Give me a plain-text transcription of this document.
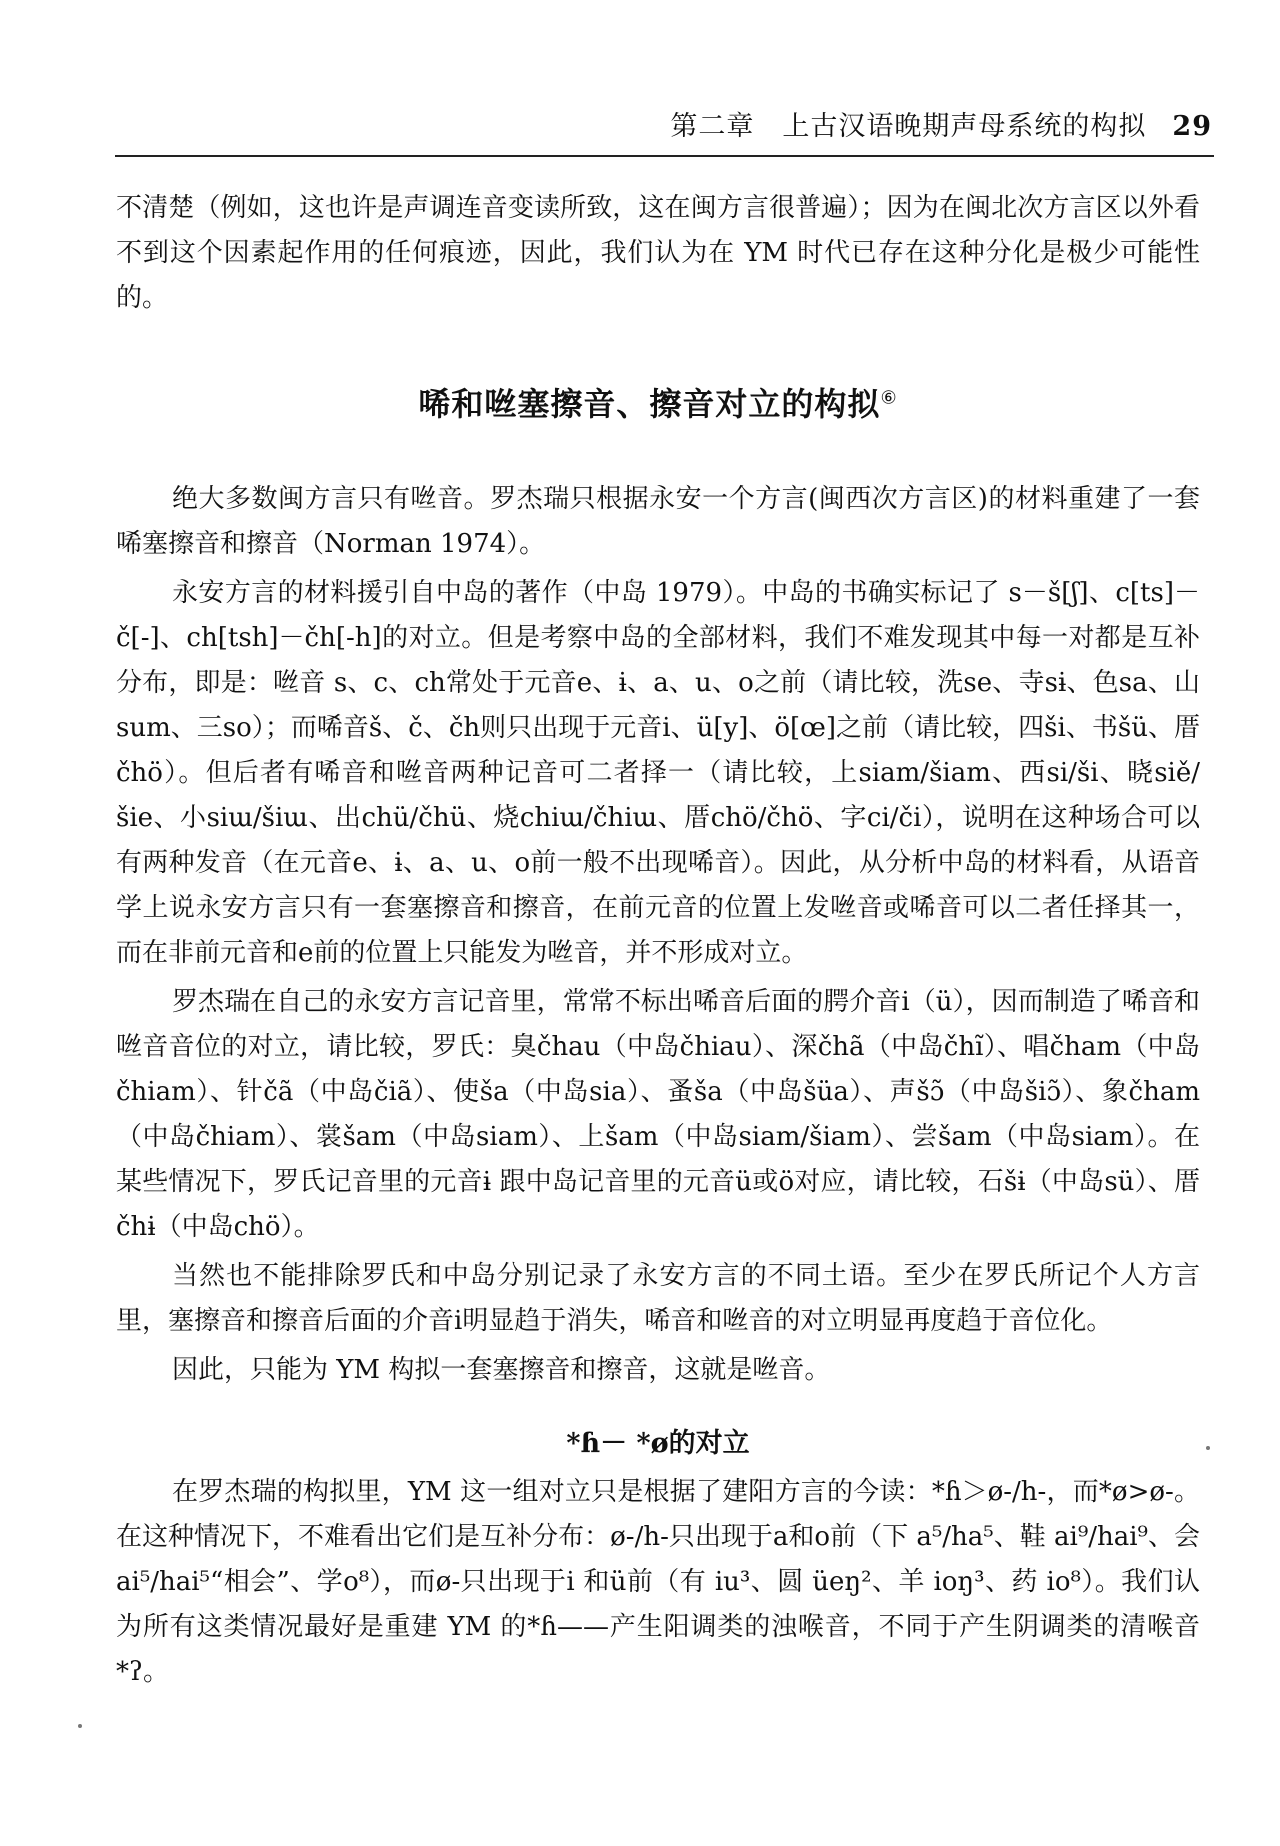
第二章　上古汉语晚期声母系统的构拟 29

不清楚（例如，这也许是声调连音变读所致，这在闽方言很普遍）；因为在闽北次方言区以外看不到这个因素起作用的任何痕迹，因此，我们认为在 YM 时代已存在这种分化是极少可能性的。

唏和咝塞擦音、擦音对立的构拟⑥

绝大多数闽方言只有咝音。罗杰瑞只根据永安一个方言(闽西次方言区)的材料重建了一套唏塞擦音和擦音（Norman 1974）。

永安方言的材料援引自中岛的著作（中岛 1979）。中岛的书确实标记了 s－š[ʃ]、c[ts]－č[-]、ch[tsh]－čh[-h]的对立。但是考察中岛的全部材料，我们不难发现其中每一对都是互补分布，即是：咝音 s、c、ch常处于元音e、ɨ、a、u、o之前（请比较，洗se、寺sɨ、色sa、山sum、三so）；而唏音š、č、čh则只出现于元音i、ü[y]、ö[œ]之前（请比较，四ši、书šü、厝čhö）。但后者有唏音和咝音两种记音可二者择一（请比较，上siam/šiam、西si/ši、晓siě/šie、小siɯ/šiɯ、出chü/čhü、烧chiɯ/čhiɯ、厝chö/čhö、字ci/či），说明在这种场合可以有两种发音（在元音e、ɨ、a、u、o前一般不出现唏音）。因此，从分析中岛的材料看，从语音学上说永安方言只有一套塞擦音和擦音，在前元音的位置上发咝音或唏音可以二者任择其一，而在非前元音和e前的位置上只能发为咝音，并不形成对立。

罗杰瑞在自己的永安方言记音里，常常不标出唏音后面的腭介音i（ü），因而制造了唏音和咝音音位的对立，请比较，罗氏：臭čhau（中岛čhiau）、深čhã（中岛čhĩ）、唱čham（中岛čhiam）、针čã（中岛čiã）、使ša（中岛sia）、蚤ša（中岛šüa）、声šɔ̃（中岛šiɔ̃）、象čham（中岛čhiam）、裳šam（中岛siam）、上šam（中岛siam/šiam）、尝šam（中岛siam）。在某些情况下，罗氏记音里的元音ɨ 跟中岛记音里的元音ü或ö对应，请比较，石šɨ（中岛sü）、厝čhɨ（中岛chö）。

当然也不能排除罗氏和中岛分别记录了永安方言的不同土语。至少在罗氏所记个人方言里，塞擦音和擦音后面的介音i明显趋于消失，唏音和咝音的对立明显再度趋于音位化。

因此，只能为 YM 构拟一套塞擦音和擦音，这就是咝音。

*ɦ－ *ø的对立

在罗杰瑞的构拟里，YM 这一组对立只是根据了建阳方言的今读：*ɦ＞ø-/h-，而*ø>ø-。在这种情况下，不难看出它们是互补分布：ø-/h-只出现于a和o前（下 a⁵/ha⁵、鞋 ai⁹/hai⁹、会 ai⁵/hai⁵“相会”、学o⁸），而ø-只出现于i 和ü前（有 iu³、圆 üeŋ²、羊 ioŋ³、药 io⁸）。我们认为所有这类情况最好是重建 YM 的*ɦ——产生阳调类的浊喉音，不同于产生阴调类的清喉音*ʔ。
